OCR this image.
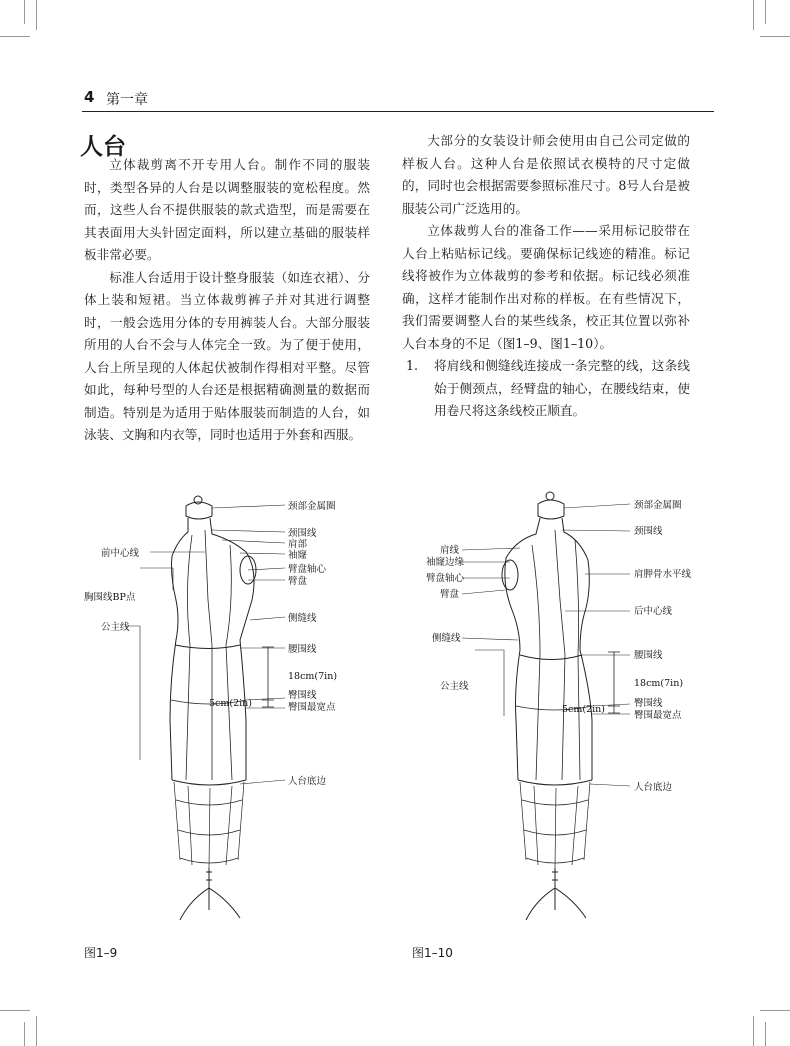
4 第一章
人台

立体裁剪离不开专用人台。制作不同的服装时，类型各异的人台是以调整服装的宽松程度。然而，这些人台不提供服装的款式造型，而是需要在其表面用大头针固定面料，所以建立基础的服装样板非常必要。

标准人台适用于设计整身服装（如连衣裙）、分体上装和短裙。当立体裁剪裤子并对其进行调整时，一般会选用分体的专用裤装人台。大部分服装所用的人台不会与人体完全一致。为了便于使用，人台上所呈现的人体起伏被制作得相对平整。尽管如此，每种号型的人台还是根据精确测量的数据而制造。特别是为适用于贴体服装而制造的人台，如泳装、文胸和内衣等，同时也适用于外套和西服。

大部分的女装设计师会使用由自己公司定做的样板人台。这种人台是依照试衣模特的尺寸定做的，同时也会根据需要参照标准尺寸。8号人台是被服装公司广泛选用的。

立体裁剪人台的准备工作——采用标记胶带在人台上粘贴标记线。要确保标记线迹的精准。标记线将被作为立体裁剪的参考和依据。标记线必须准确，这样才能制作出对称的样板。在有些情况下，我们需要调整人台的某些线条，校正其位置以弥补人台本身的不足（图1–9、图1–10）。

1.	将肩线和侧缝线连接成一条完整的线，这条线始于侧颈点，经臂盘的轴心，在腰线结束，使用卷尺将这条线校正顺直。

颈部金属圈
颈围线
肩部
袖窿
臂盘轴心
臂盘
侧缝线
腰围线
18cm(7in)
臀围线
臀围最宽点
人台底边
前中心线
胸围线BP点
公主线
5cm(2in)
颈部金属圈
颈围线
肩胛骨水平线
后中心线
腰围线
18cm(7in)
臀围线
臀围最宽点
人台底边
肩线
袖窿边缘
臂盘轴心
臂盘
侧缝线
公主线
5cm(2in)
图1–9	图1–10
